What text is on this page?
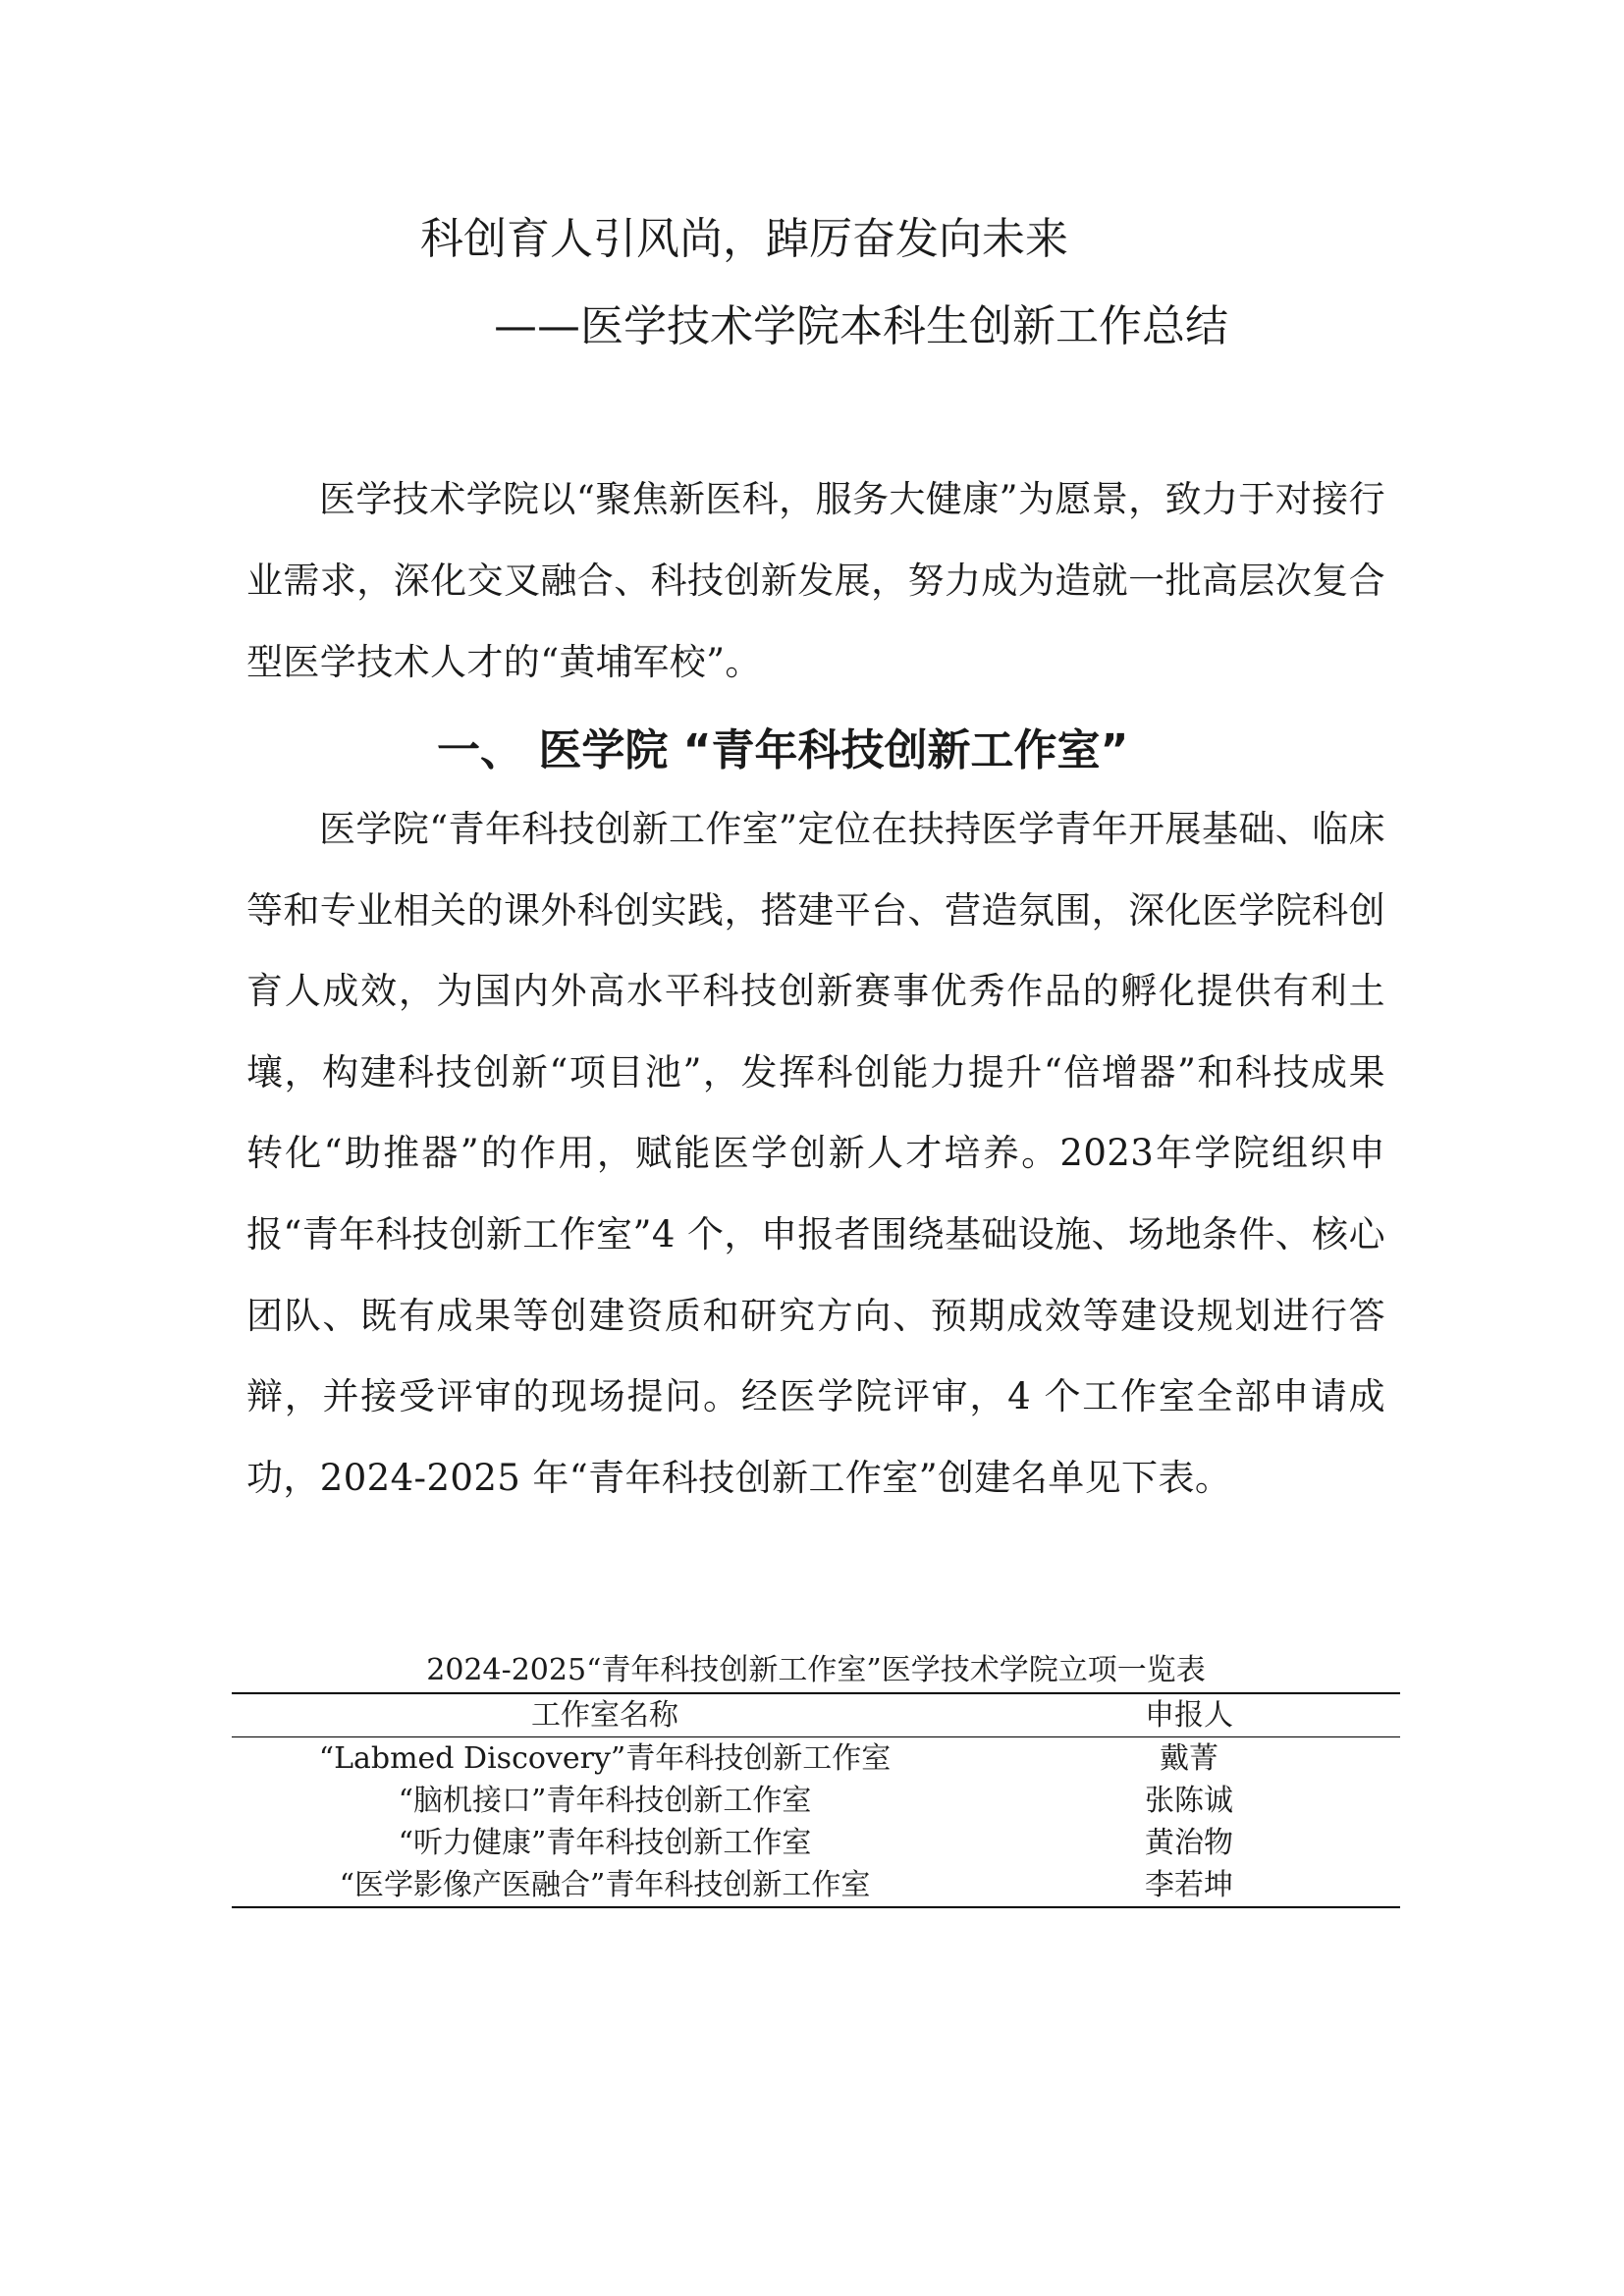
科创育人引风尚，踔厉奋发向未来
——医学技术学院本科生创新工作总结

医学技术学院以“聚焦新医科，服务大健康”为愿景，致力于对接行业需求，深化交叉融合、科技创新发展，努力成为造就一批高层次复合型医学技术人才的“黄埔军校”。

一、 医学院 “青年科技创新工作室”

医学院“青年科技创新工作室”定位在扶持医学青年开展基础、临床等和专业相关的课外科创实践，搭建平台、营造氛围，深化医学院科创育人成效，为国内外高水平科技创新赛事优秀作品的孵化提供有利土壤，构建科技创新“项目池”，发挥科创能力提升“倍增器”和科技成果转化“助推器”的作用，赋能医学创新人才培养。2023年学院组织申报“青年科技创新工作室”4 个，申报者围绕基础设施、场地条件、核心团队、既有成果等创建资质和研究方向、预期成效等建设规划进行答辩，并接受评审的现场提问。经医学院评审，4 个工作室全部申请成功，2024-2025 年“青年科技创新工作室”创建名单见下表。

2024-2025“青年科技创新工作室”医学技术学院立项一览表
工作室名称	申报人
“Labmed Discovery”青年科技创新工作室	戴菁
“脑机接口”青年科技创新工作室	张陈诚
“听力健康”青年科技创新工作室	黄治物
“医学影像产医融合”青年科技创新工作室	李若坤
